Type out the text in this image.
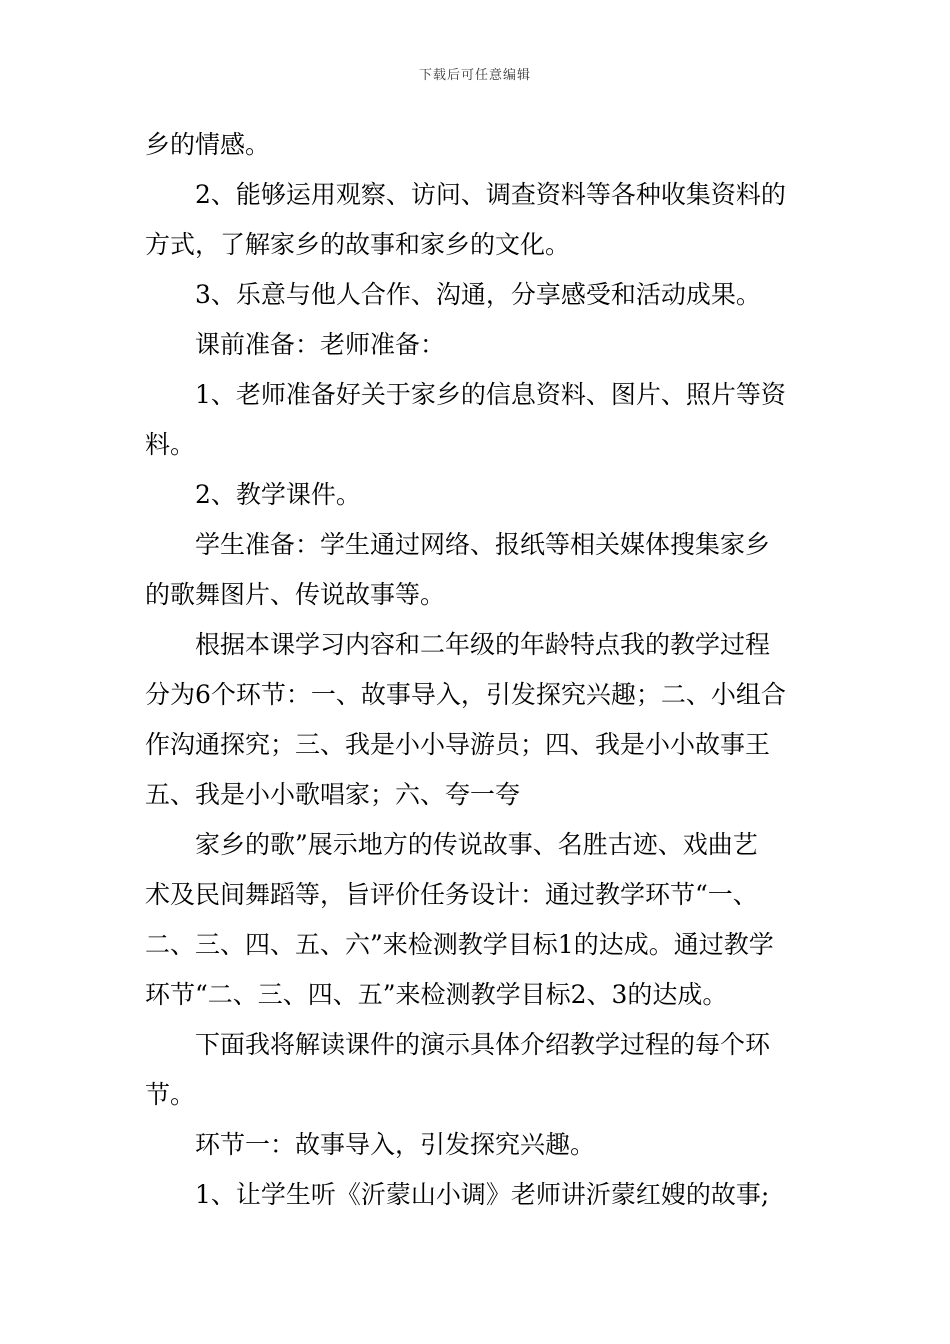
下载后可任意编辑
乡的情感。
2、能够运用观察、访问、调查资料等各种收集资料的
方式，了解家乡的故事和家乡的文化。
3、乐意与他人合作、沟通，分享感受和活动成果。
课前准备：老师准备：
1、老师准备好关于家乡的信息资料、图片、照片等资
料。
2、教学课件。
学生准备：学生通过网络、报纸等相关媒体搜集家乡
的歌舞图片、传说故事等。
根据本课学习内容和二年级的年龄特点我的教学过程
分为6个环节：一、故事导入，引发探究兴趣；二、小组合
作沟通探究；三、我是小小导游员；四、我是小小故事王
五、我是小小歌唱家；六、夸一夸
家乡的歌”展示地方的传说故事、名胜古迹、戏曲艺
术及民间舞蹈等，旨评价任务设计：通过教学环节“一、
二、三、四、五、六”来检测教学目标1的达成。通过教学
环节“二、三、四、五”来检测教学目标2、3的达成。
下面我将解读课件的演示具体介绍教学过程的每个环
节。
环节一：故事导入，引发探究兴趣。
1、让学生听《沂蒙山小调》老师讲沂蒙红嫂的故事;
